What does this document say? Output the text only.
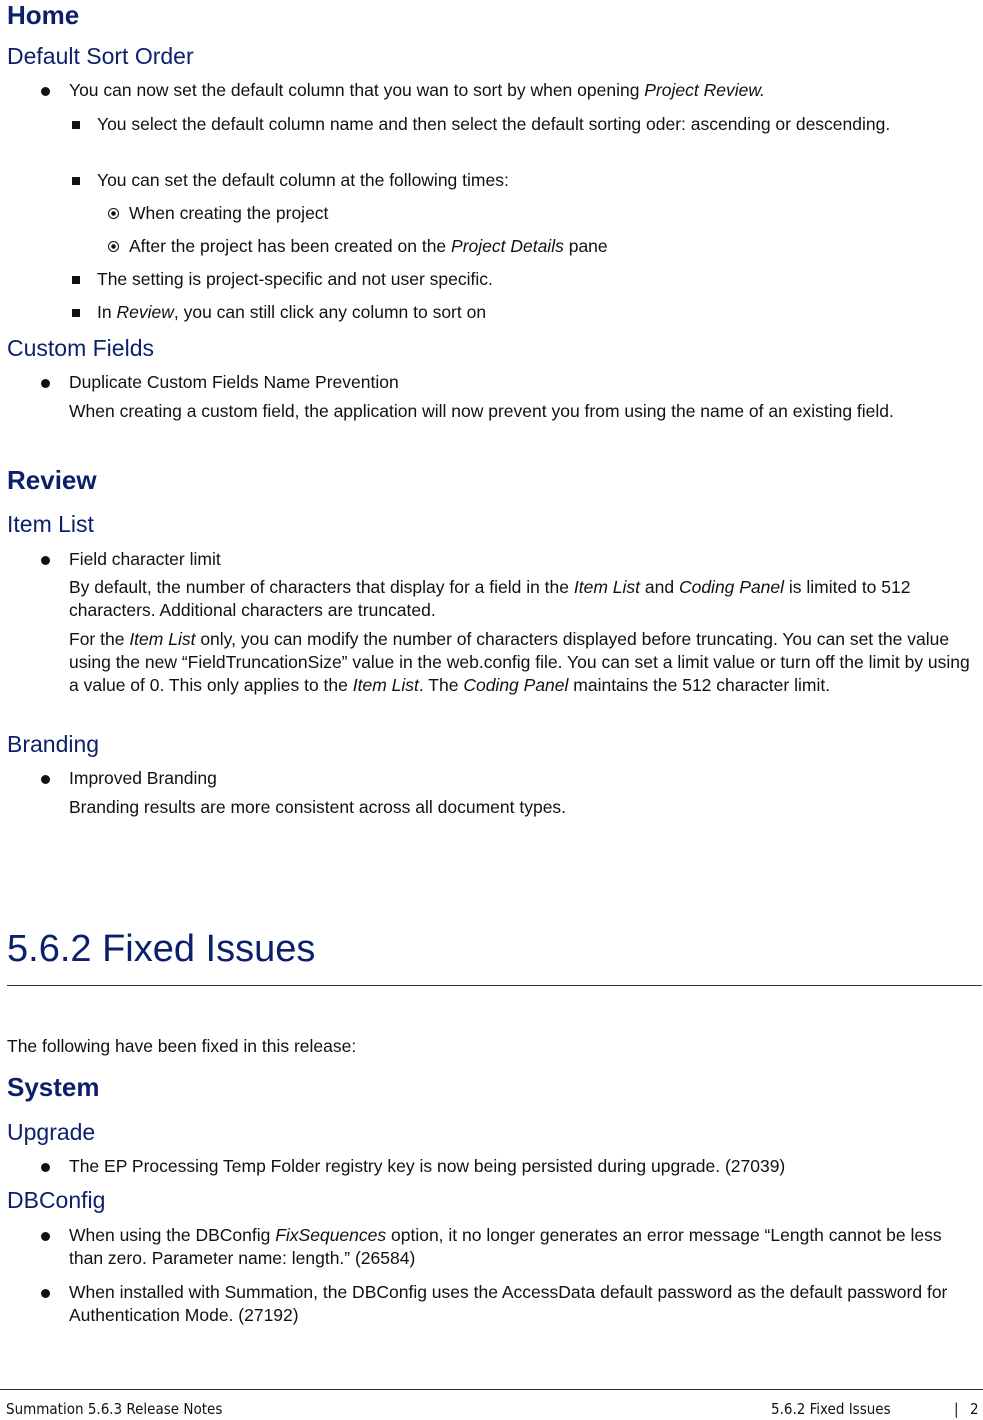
Home
Default Sort Order
You can now set the default column that you wan to sort by when opening Project Review.
You select the default column name and then select the default sorting oder: ascending or descending.
You can set the default column at the following times:
When creating the project
After the project has been created on the Project Details pane
The setting is project-specific and not user specific.
In Review, you can still click any column to sort on
Custom Fields
Duplicate Custom Fields Name Prevention
When creating a custom field, the application will now prevent you from using the name of an existing field.
Review
Item List
Field character limit
By default, the number of characters that display for a field in the Item List and Coding Panel is limited to 512 characters. Additional characters are truncated.
For the Item List only, you can modify the number of characters displayed before truncating. You can set the value using the new “FieldTruncationSize” value in the web.config file. You can set a limit value or turn off the limit by using a value of 0. This only applies to the Item List. The Coding Panel maintains the 512 character limit.
Branding
Improved Branding
Branding results are more consistent across all document types.
5.6.2 Fixed Issues
The following have been fixed in this release:
System
Upgrade
The EP Processing Temp Folder registry key is now being persisted during upgrade. (27039)
DBConfig
When using the DBConfig FixSequences option, it no longer generates an error message “Length cannot be less than zero. Parameter name: length.” (26584)
When installed with Summation, the DBConfig uses the AccessData default password as the default password for Authentication Mode. (27192)
Summation 5.6.3 Release Notes	5.6.2 Fixed Issues	| 2
